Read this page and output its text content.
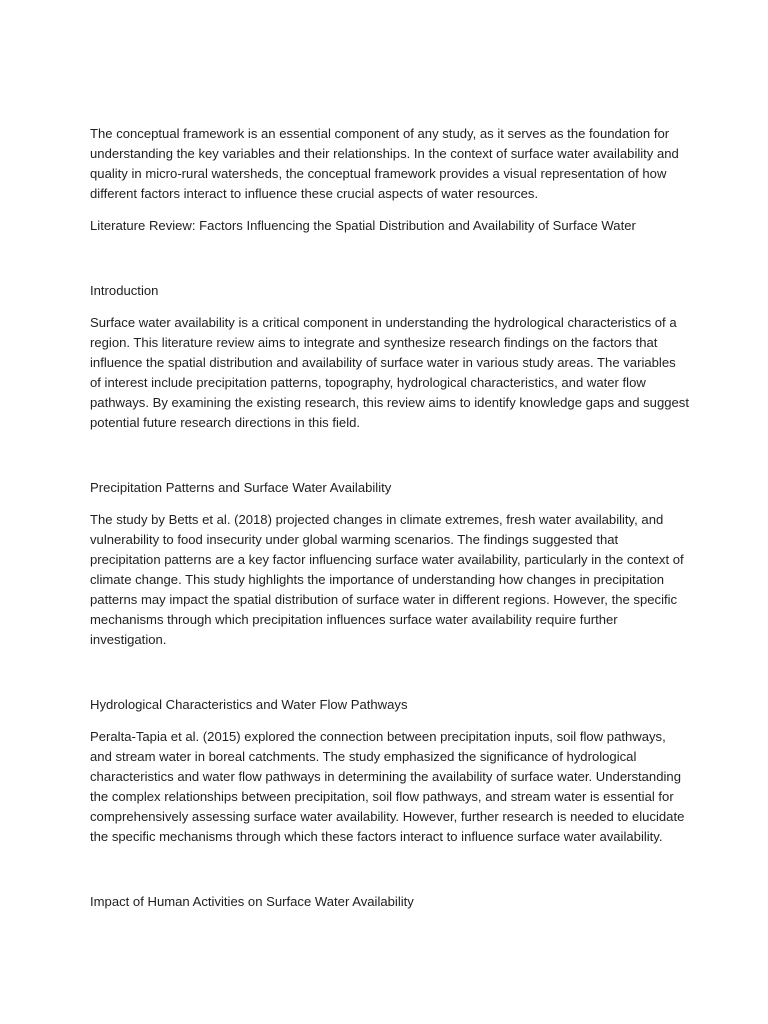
The conceptual framework is an essential component of any study, as it serves as the foundation for understanding the key variables and their relationships. In the context of surface water availability and quality in micro-rural watersheds, the conceptual framework provides a visual representation of how different factors interact to influence these crucial aspects of water resources.

Literature Review: Factors Influencing the Spatial Distribution and Availability of Surface Water

Introduction

Surface water availability is a critical component in understanding the hydrological characteristics of a region. This literature review aims to integrate and synthesize research findings on the factors that influence the spatial distribution and availability of surface water in various study areas. The variables of interest include precipitation patterns, topography, hydrological characteristics, and water flow pathways. By examining the existing research, this review aims to identify knowledge gaps and suggest potential future research directions in this field.

Precipitation Patterns and Surface Water Availability

The study by Betts et al. (2018) projected changes in climate extremes, fresh water availability, and vulnerability to food insecurity under global warming scenarios. The findings suggested that precipitation patterns are a key factor influencing surface water availability, particularly in the context of climate change. This study highlights the importance of understanding how changes in precipitation patterns may impact the spatial distribution of surface water in different regions. However, the specific mechanisms through which precipitation influences surface water availability require further investigation.

Hydrological Characteristics and Water Flow Pathways

Peralta-Tapia et al. (2015) explored the connection between precipitation inputs, soil flow pathways, and stream water in boreal catchments. The study emphasized the significance of hydrological characteristics and water flow pathways in determining the availability of surface water. Understanding the complex relationships between precipitation, soil flow pathways, and stream water is essential for comprehensively assessing surface water availability. However, further research is needed to elucidate the specific mechanisms through which these factors interact to influence surface water availability.

Impact of Human Activities on Surface Water Availability
